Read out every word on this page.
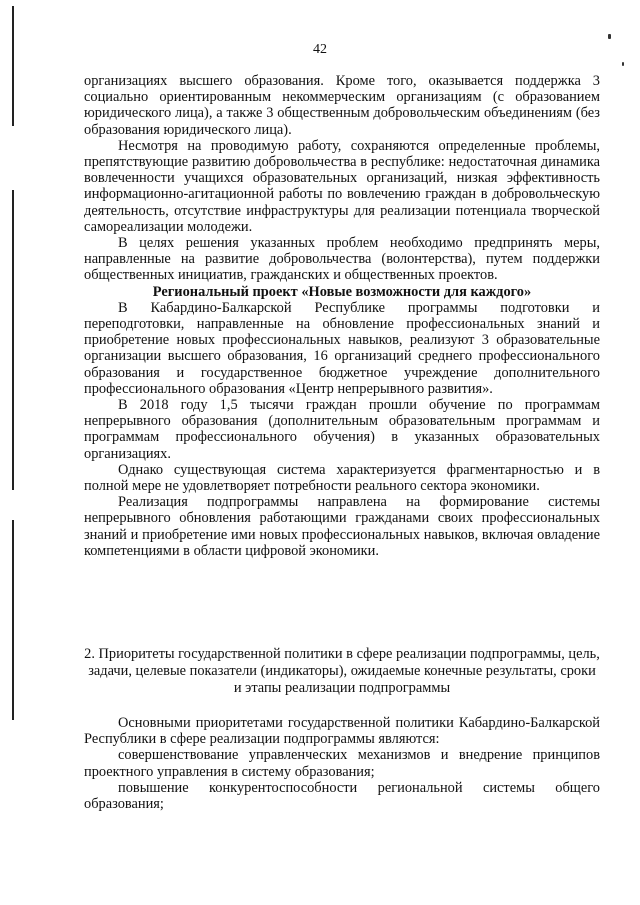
42

организациях высшего образования. Кроме того, оказывается поддержка 3 социально ориентированным некоммерческим организациям (с образованием юридического лица), а также 3 общественным добровольческим объединениям (без образования юридического лица).

Несмотря на проводимую работу, сохраняются определенные проблемы, препятствующие развитию добровольчества в республике: недостаточная динамика вовлеченности учащихся образовательных организаций, низкая эффективность информационно-агитационной работы по вовлечению граждан в добровольческую деятельность, отсутствие инфраструктуры для реализации потенциала творческой самореализации молодежи.

В целях решения указанных проблем необходимо предпринять меры, направленные на развитие добровольчества (волонтерства), путем поддержки общественных инициатив, гражданских и общественных проектов.

Региональный проект «Новые возможности для каждого»

В Кабардино-Балкарской Республике программы подготовки и переподготовки, направленные на обновление профессиональных знаний и приобретение новых профессиональных навыков, реализуют 3 образовательные организации высшего образования, 16 организаций среднего профессионального образования и государственное бюджетное учреждение дополнительного профессионального образования «Центр непрерывного развития».

В 2018 году 1,5 тысячи граждан прошли обучение по программам непрерывного образования (дополнительным образовательным программам и программам профессионального обучения) в указанных образовательных организациях.

Однако существующая система характеризуется фрагментарностью и в полной мере не удовлетворяет потребности реального сектора экономики.

Реализация подпрограммы направлена на формирование системы непрерывного обновления работающими гражданами своих профессиональных знаний и приобретение ими новых профессиональных навыков, включая овладение компетенциями в области цифровой экономики.

2. Приоритеты государственной политики в сфере реализации подпрограммы, цель, задачи, целевые показатели (индикаторы), ожидаемые конечные результаты, сроки и этапы реализации подпрограммы

Основными приоритетами государственной политики Кабардино-Балкарской Республики в сфере реализации подпрограммы являются:

совершенствование управленческих механизмов и внедрение принципов проектного управления в систему образования;

повышение конкурентоспособности региональной системы общего образования;
